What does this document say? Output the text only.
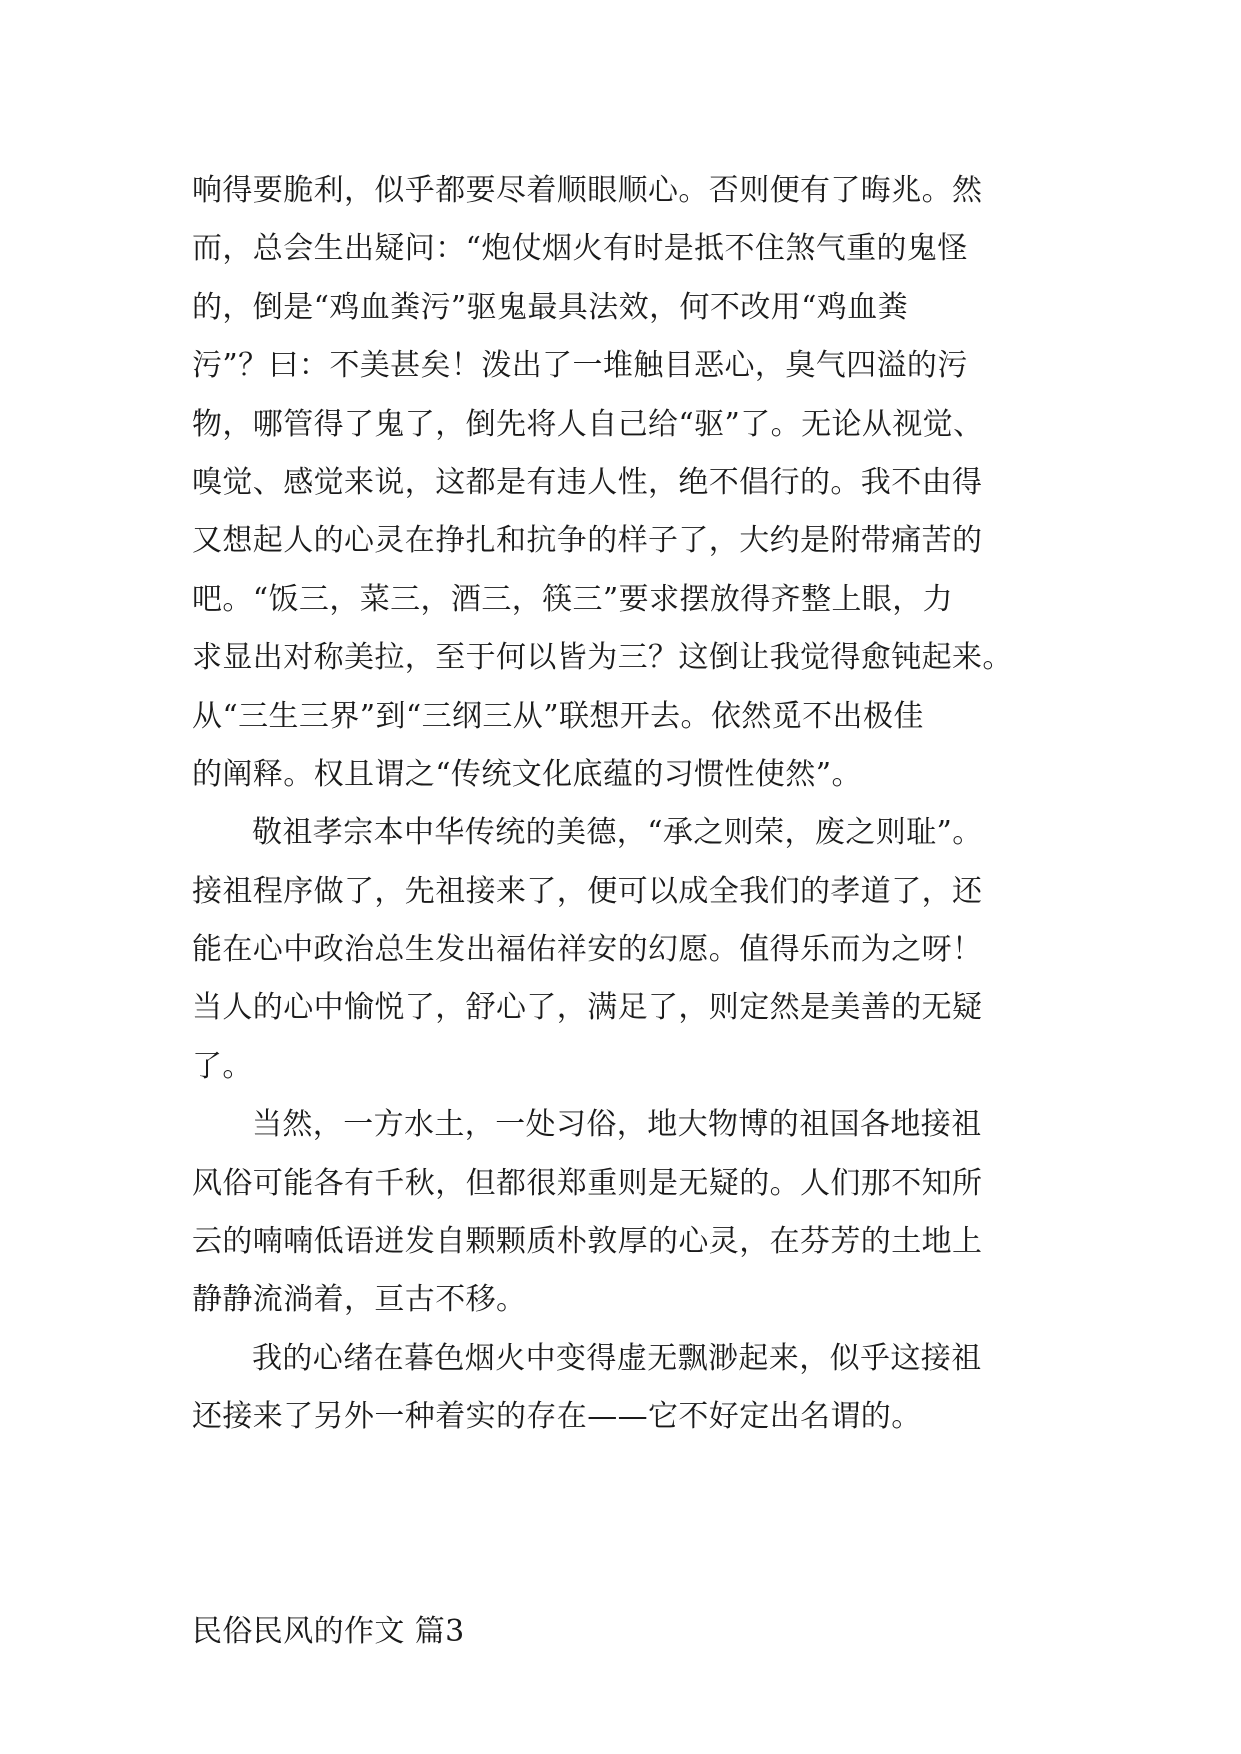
响得要脆利，似乎都要尽着顺眼顺心。否则便有了晦兆。然
而，总会生出疑问：“炮仗烟火有时是抵不住煞气重的鬼怪
的，倒是“鸡血粪污”驱鬼最具法效，何不改用“鸡血粪
污”？曰：不美甚矣！泼出了一堆触目恶心，臭气四溢的污
物，哪管得了鬼了，倒先将人自己给“驱”了。无论从视觉、
嗅觉、感觉来说，这都是有违人性，绝不倡行的。我不由得
又想起人的心灵在挣扎和抗争的样子了，大约是附带痛苦的
吧。“饭三，菜三，酒三，筷三”要求摆放得齐整上眼，力
求显出对称美拉，至于何以皆为三？这倒让我觉得愈钝起来。
从“三生三界”到“三纲三从”联想开去。依然觅不出极佳
的阐释。权且谓之“传统文化底蕴的习惯性使然”。
敬祖孝宗本中华传统的美德，“承之则荣，废之则耻”。
接祖程序做了，先祖接来了，便可以成全我们的孝道了，还
能在心中政治总生发出福佑祥安的幻愿。值得乐而为之呀！
当人的心中愉悦了，舒心了，满足了，则定然是美善的无疑
了。
当然，一方水土，一处习俗，地大物博的祖国各地接祖
风俗可能各有千秋，但都很郑重则是无疑的。人们那不知所
云的喃喃低语迸发自颗颗质朴敦厚的心灵，在芬芳的土地上
静静流淌着，亘古不移。
我的心绪在暮色烟火中变得虚无飘渺起来，似乎这接祖
还接来了另外一种着实的存在——它不好定出名谓的。
民俗民风的作文 篇3
